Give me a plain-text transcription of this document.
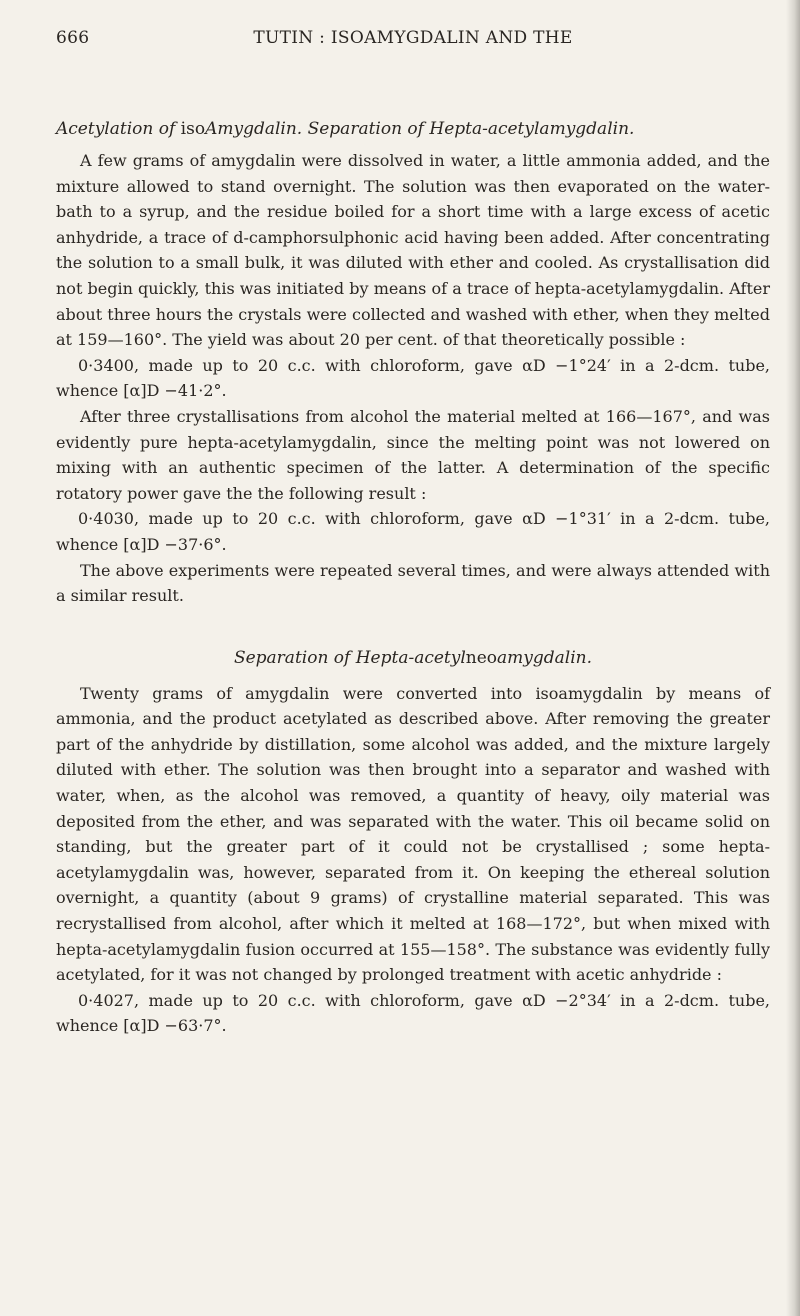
666	TUTIN : ISOAMYGDALIN AND THE
Acetylation of isoAmygdalin. Separation of Hepta-acetylamygdalin.

A few grams of amygdalin were dissolved in water, a little ammonia added, and the mixture allowed to stand overnight. The solution was then evaporated on the water-bath to a syrup, and the residue boiled for a short time with a large excess of acetic anhydride, a trace of d-camphorsulphonic acid having been added. After concentrating the solution to a small bulk, it was diluted with ether and cooled. As crystallisation did not begin quickly, this was initiated by means of a trace of hepta-acetylamygdalin. After about three hours the crystals were collected and washed with ether, when they melted at 159—160°. The yield was about 20 per cent. of that theoretically possible :

0·3400, made up to 20 c.c. with chloroform, gave αD −1°24′ in a 2-dcm. tube, whence [α]D −41·2°.

After three crystallisations from alcohol the material melted at 166—167°, and was evidently pure hepta-acetylamygdalin, since the melting point was not lowered on mixing with an authentic specimen of the latter. A determination of the specific rotatory power gave the the following result :

0·4030, made up to 20 c.c. with chloroform, gave αD −1°31′ in a 2-dcm. tube, whence [α]D −37·6°.

The above experiments were repeated several times, and were always attended with a similar result.

Separation of Hepta-acetylneoamygdalin.

Twenty grams of amygdalin were converted into isoamygdalin by means of ammonia, and the product acetylated as described above. After removing the greater part of the anhydride by distillation, some alcohol was added, and the mixture largely diluted with ether. The solution was then brought into a separator and washed with water, when, as the alcohol was removed, a quantity of heavy, oily material was deposited from the ether, and was separated with the water. This oil became solid on standing, but the greater part of it could not be crystallised ; some hepta-acetylamygdalin was, however, separated from it. On keeping the ethereal solution overnight, a quantity (about 9 grams) of crystalline material separated. This was recrystallised from alcohol, after which it melted at 168—172°, but when mixed with hepta-acetylamygdalin fusion occurred at 155—158°. The substance was evidently fully acetylated, for it was not changed by prolonged treatment with acetic anhydride :

0·4027, made up to 20 c.c. with chloroform, gave αD −2°34′ in a 2-dcm. tube, whence [α]D −63·7°.
